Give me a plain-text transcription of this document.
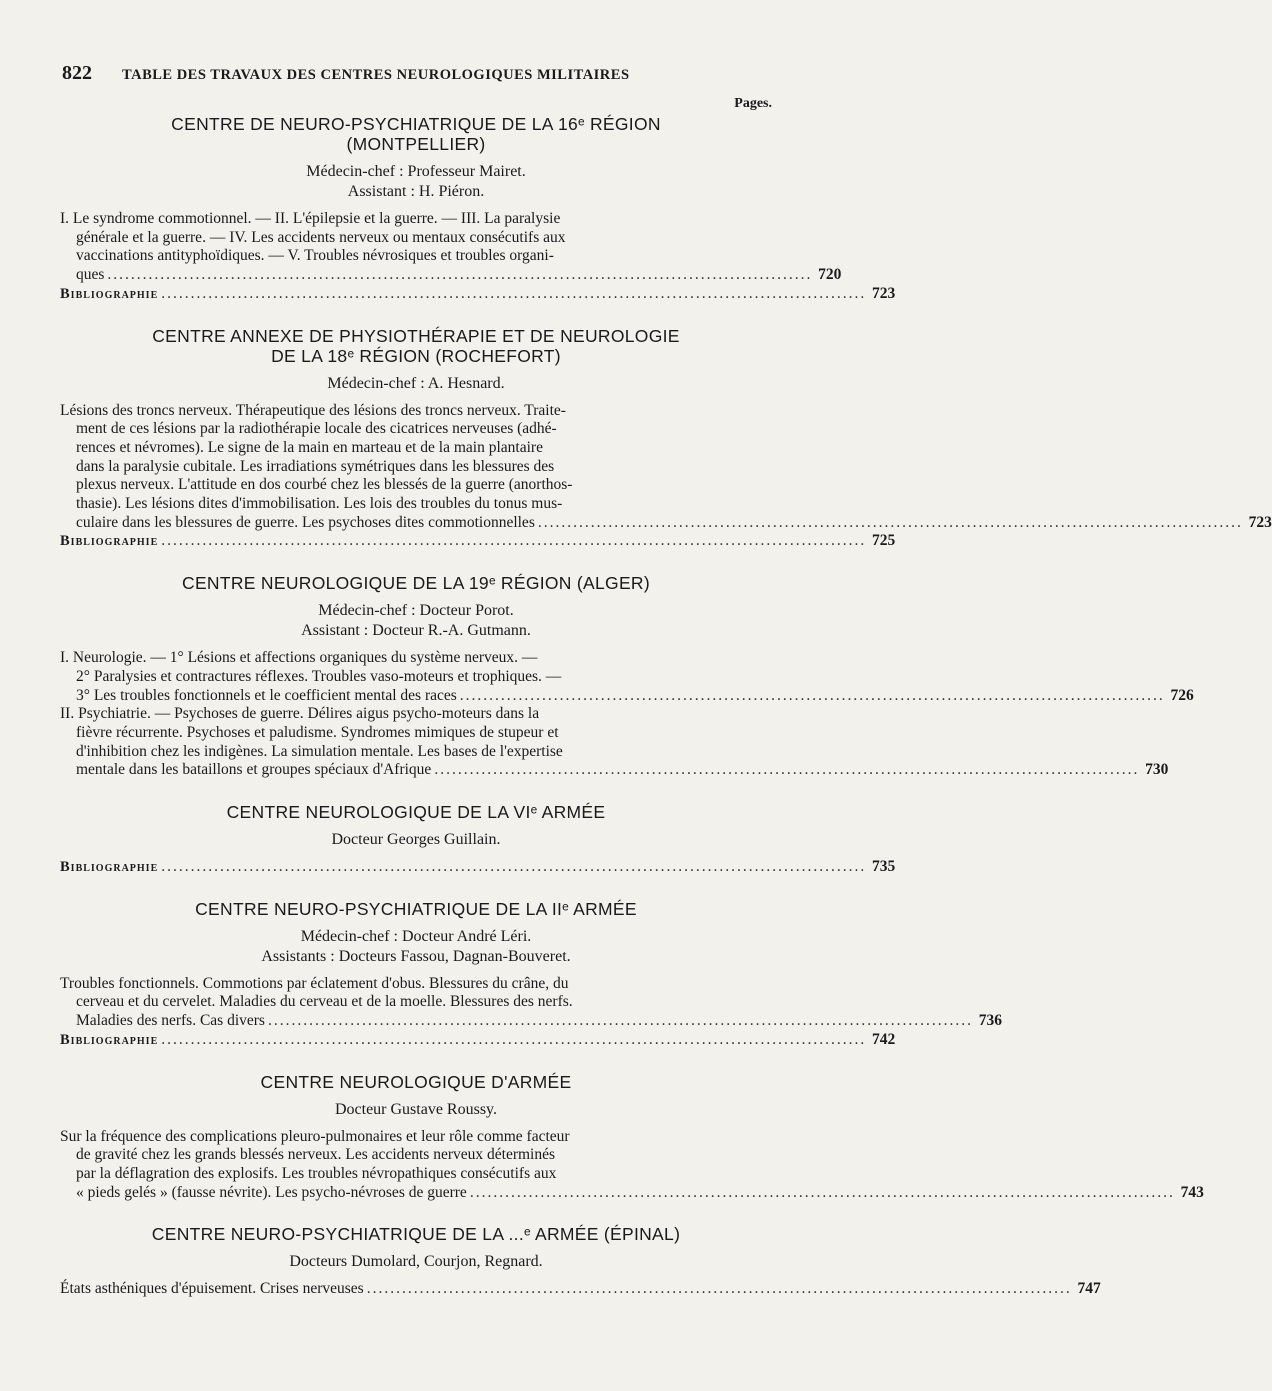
822 TABLE DES TRAVAUX DES CENTRES NEUROLOGIQUES MILITAIRES
Pages.
CENTRE DE NEURO-PSYCHIATRIQUE DE LA 16ᵉ RÉGION
(MONTPELLIER)
Médecin-chef : Professeur Mairet.
Assistant : H. Piéron.
I. Le syndrome commotionnel. — II. L'épilepsie et la guerre. — III. La paralysie
générale et la guerre. — IV. Les accidents nerveux ou mentaux consécutifs aux
vaccinations antityphoïdiques. — V. Troubles névrosiques et troubles organi-
ques ........................................................................................................................ 720
Bibliographie ........................................................................................................................ 723
CENTRE ANNEXE DE PHYSIOTHÉRAPIE ET DE NEUROLOGIE
DE LA 18ᵉ RÉGION (ROCHEFORT)
Médecin-chef : A. Hesnard.
Lésions des troncs nerveux. Thérapeutique des lésions des troncs nerveux. Traite-
ment de ces lésions par la radiothérapie locale des cicatrices nerveuses (adhé-
rences et névromes). Le signe de la main en marteau et de la main plantaire
dans la paralysie cubitale. Les irradiations symétriques dans les blessures des
plexus nerveux. L'attitude en dos courbé chez les blessés de la guerre (anorthos-
thasie). Les lésions dites d'immobilisation. Les lois des troubles du tonus mus-
culaire dans les blessures de guerre. Les psychoses dites commotionnelles ........................................................................................................................ 723
Bibliographie ........................................................................................................................ 725
CENTRE NEUROLOGIQUE DE LA 19ᵉ RÉGION (ALGER)
Médecin-chef : Docteur Porot.
Assistant : Docteur R.-A. Gutmann.
I. Neurologie. — 1° Lésions et affections organiques du système nerveux. —
2° Paralysies et contractures réflexes. Troubles vaso-moteurs et trophiques. —
3° Les troubles fonctionnels et le coefficient mental des races ........................................................................................................................ 726
II. Psychiatrie. — Psychoses de guerre. Délires aigus psycho-moteurs dans la
fièvre récurrente. Psychoses et paludisme. Syndromes mimiques de stupeur et
d'inhibition chez les indigènes. La simulation mentale. Les bases de l'expertise
mentale dans les bataillons et groupes spéciaux d'Afrique ........................................................................................................................ 730
CENTRE NEUROLOGIQUE DE LA VIᵉ ARMÉE
Docteur Georges Guillain.
Bibliographie ........................................................................................................................ 735
CENTRE NEURO-PSYCHIATRIQUE DE LA IIᵉ ARMÉE
Médecin-chef : Docteur André Léri.
Assistants : Docteurs Fassou, Dagnan-Bouveret.
Troubles fonctionnels. Commotions par éclatement d'obus. Blessures du crâne, du
cerveau et du cervelet. Maladies du cerveau et de la moelle. Blessures des nerfs.
Maladies des nerfs. Cas divers ........................................................................................................................ 736
Bibliographie ........................................................................................................................ 742
CENTRE NEUROLOGIQUE D'ARMÉE
Docteur Gustave Roussy.
Sur la fréquence des complications pleuro-pulmonaires et leur rôle comme facteur
de gravité chez les grands blessés nerveux. Les accidents nerveux déterminés
par la déflagration des explosifs. Les troubles névropathiques consécutifs aux
« pieds gelés » (fausse névrite). Les psycho-névroses de guerre ........................................................................................................................ 743
CENTRE NEURO-PSYCHIATRIQUE DE LA ...ᵉ ARMÉE (ÉPINAL)
Docteurs Dumolard, Courjon, Regnard.
États asthéniques d'épuisement. Crises nerveuses ........................................................................................................................ 747
